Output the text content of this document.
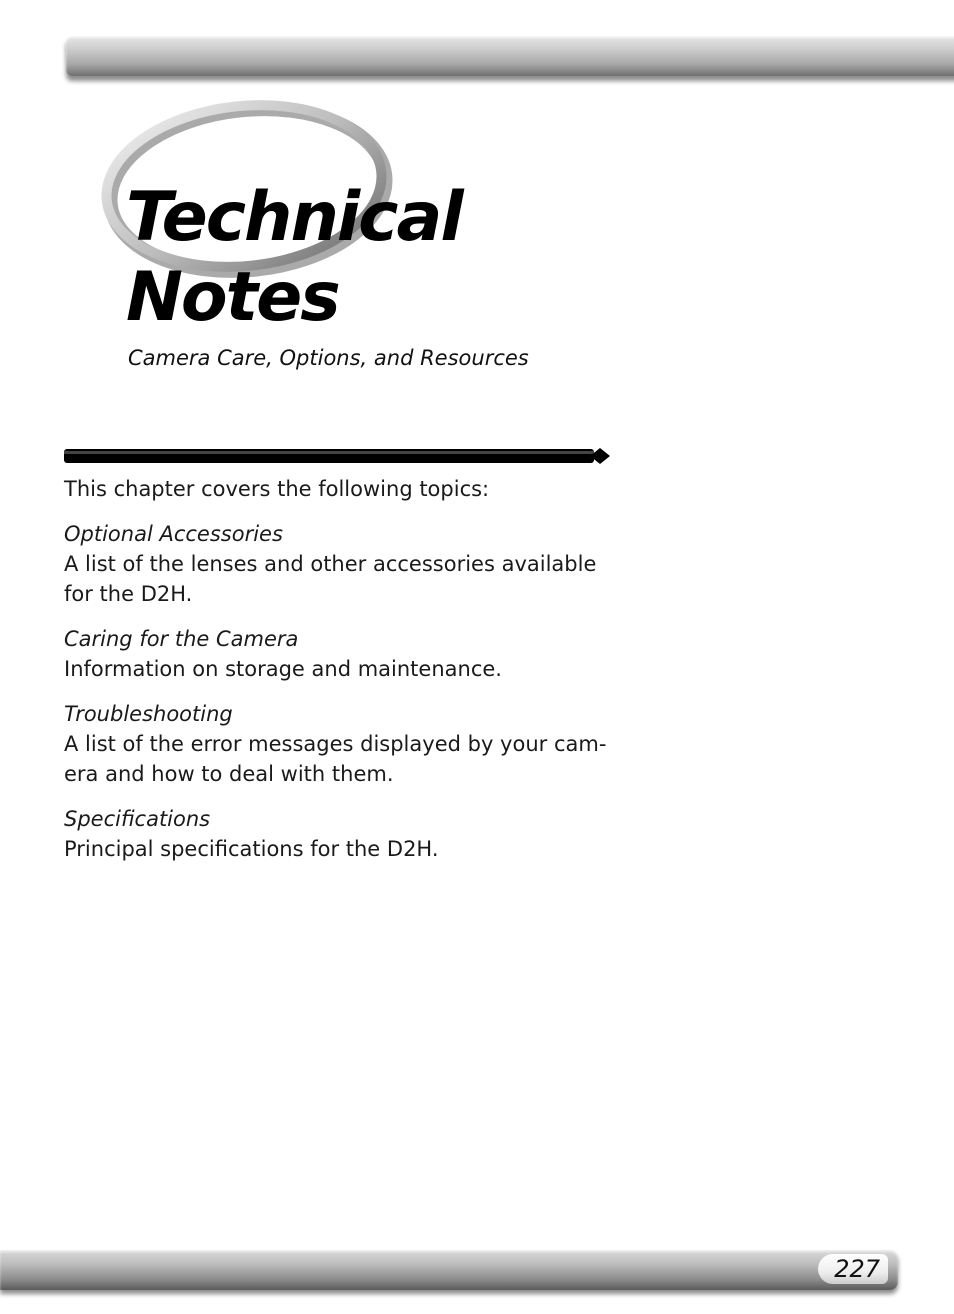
Technical
Notes
Camera Care, Options, and Resources

This chapter covers the following topics:

Optional Accessories
A list of the lenses and other accessories available
for the D2H.
Caring for the Camera
Information on storage and maintenance.
Troubleshooting
A list of the error messages displayed by your cam-
era and how to deal with them.
Specifications
Principal specifications for the D2H.
227
